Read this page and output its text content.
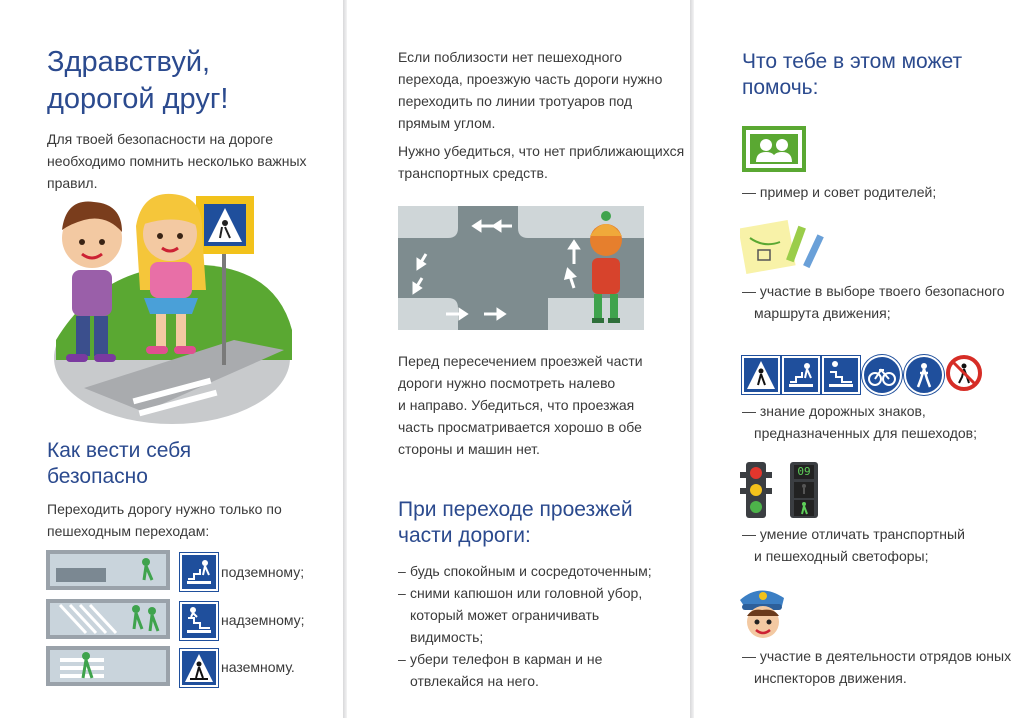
Здравствуй,
дорогой друг!
Для твоей безопасности на дороге
необходимо помнить несколько важных
правил.
Как вести себя
безопасно
Переходить дорогу нужно только по
пешеходным переходам:
подземному;
надземному;
наземному.
Если поблизости нет пешеходного
перехода, проезжую часть дороги нужно
переходить по линии тротуаров под
прямым углом.
Нужно убедиться, что нет приближающихся
транспортных средств.
Перед пересечением проезжей части
дороги нужно посмотреть налево
и направо. Убедиться, что проезжая
часть просматривается хорошо в обе
стороны и машин нет.
При переходе проезжей
части дороги:
– будь спокойным и сосредоточенным;
– сними капюшон или головной убор,
который может ограничивать
видимость;
– убери телефон в карман и не
отвлекайся на него.
Что тебе в этом может
помочь:
— пример и совет родителей;
— участие в выборе твоего безопасного
маршрута движения;
— знание дорожных знаков,
предназначенных для пешеходов;
09
— умение отличать транспортный
и пешеходный светофоры;
— участие в деятельности отрядов юных
инспекторов движения.
